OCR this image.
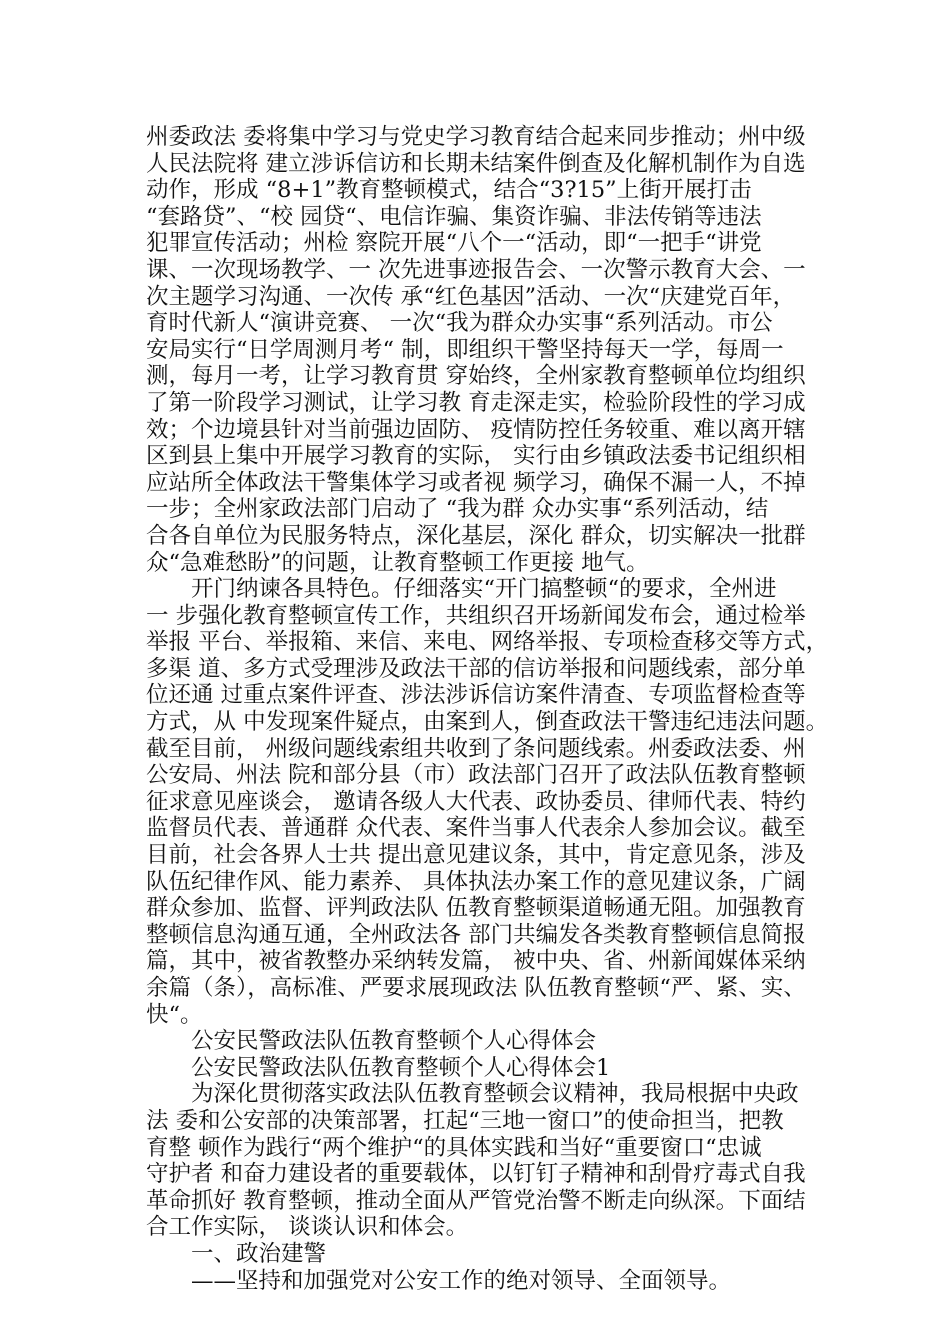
州委政法 委将集中学习与党史学习教育结合起来同步推动；州中级
人民法院将 建立涉诉信访和长期未结案件倒查及化解机制作为自选
动作，形成 “8+1”教育整顿模式，结合“3?15”上街开展打击
“套路贷”、“校 园贷“、电信诈骗、集资诈骗、非法传销等违法
犯罪宣传活动；州检 察院开展“八个一“活动，即“一把手“讲党
课、一次现场教学、一 次先进事迹报告会、一次警示教育大会、一
次主题学习沟通、一次传 承“红色基因”活动、一次“庆建党百年，
育时代新人“演讲竞赛、 一次“我为群众办实事“系列活动。市公
安局实行“日学周测月考“ 制，即组织干警坚持每天一学，每周一
测，每月一考，让学习教育贯 穿始终，全州家教育整顿单位均组织
了第一阶段学习测试，让学习教 育走深走实，检验阶段性的学习成
效；个边境县针对当前强边固防、 疫情防控任务较重、难以离开辖
区到县上集中开展学习教育的实际， 实行由乡镇政法委书记组织相
应站所全体政法干警集体学习或者视 频学习，确保不漏一人，不掉
一步；全州家政法部门启动了 “我为群 众办实事“系列活动，结
合各自单位为民服务特点，深化基层，深化 群众，切实解决一批群
众“急难愁盼”的问题，让教育整顿工作更接 地气。
　　开门纳谏各具特色。仔细落实“开门搞整顿“的要求，全州进
一 步强化教育整顿宣传工作，共组织召开场新闻发布会，通过检举
举报 平台、举报箱、来信、来电、网络举报、专项检查移交等方式，
多渠 道、多方式受理涉及政法干部的信访举报和问题线索，部分单
位还通 过重点案件评查、涉法涉诉信访案件清查、专项监督检查等
方式，从 中发现案件疑点，由案到人，倒查政法干警违纪违法问题。
截至目前， 州级问题线索组共收到了条问题线索。州委政法委、州
公安局、州法 院和部分县（市）政法部门召开了政法队伍教育整顿
征求意见座谈会， 邀请各级人大代表、政协委员、律师代表、特约
监督员代表、普通群 众代表、案件当事人代表余人参加会议。截至
目前，社会各界人士共 提出意见建议条，其中，肯定意见条，涉及
队伍纪律作风、能力素养、 具体执法办案工作的意见建议条，广阔
群众参加、监督、评判政法队 伍教育整顿渠道畅通无阻。加强教育
整顿信息沟通互通，全州政法各 部门共编发各类教育整顿信息简报
篇，其中，被省教整办采纳转发篇， 被中央、省、州新闻媒体采纳
余篇（条），高标准、严要求展现政法 队伍教育整顿“严、紧、实、
快“。
　　公安民警政法队伍教育整顿个人心得体会
　　公安民警政法队伍教育整顿个人心得体会1
　　为深化贯彻落实政法队伍教育整顿会议精神，我局根据中央政
法 委和公安部的决策部署，扛起“三地一窗口”的使命担当，把教
育整 顿作为践行“两个维护“的具体实践和当好“重要窗口“忠诚
守护者 和奋力建设者的重要载体，以钉钉子精神和刮骨疗毒式自我
革命抓好 教育整顿，推动全面从严管党治警不断走向纵深。下面结
合工作实际， 谈谈认识和体会。
　　一、政治建警
　　——坚持和加强党对公安工作的绝对领导、全面领导。
